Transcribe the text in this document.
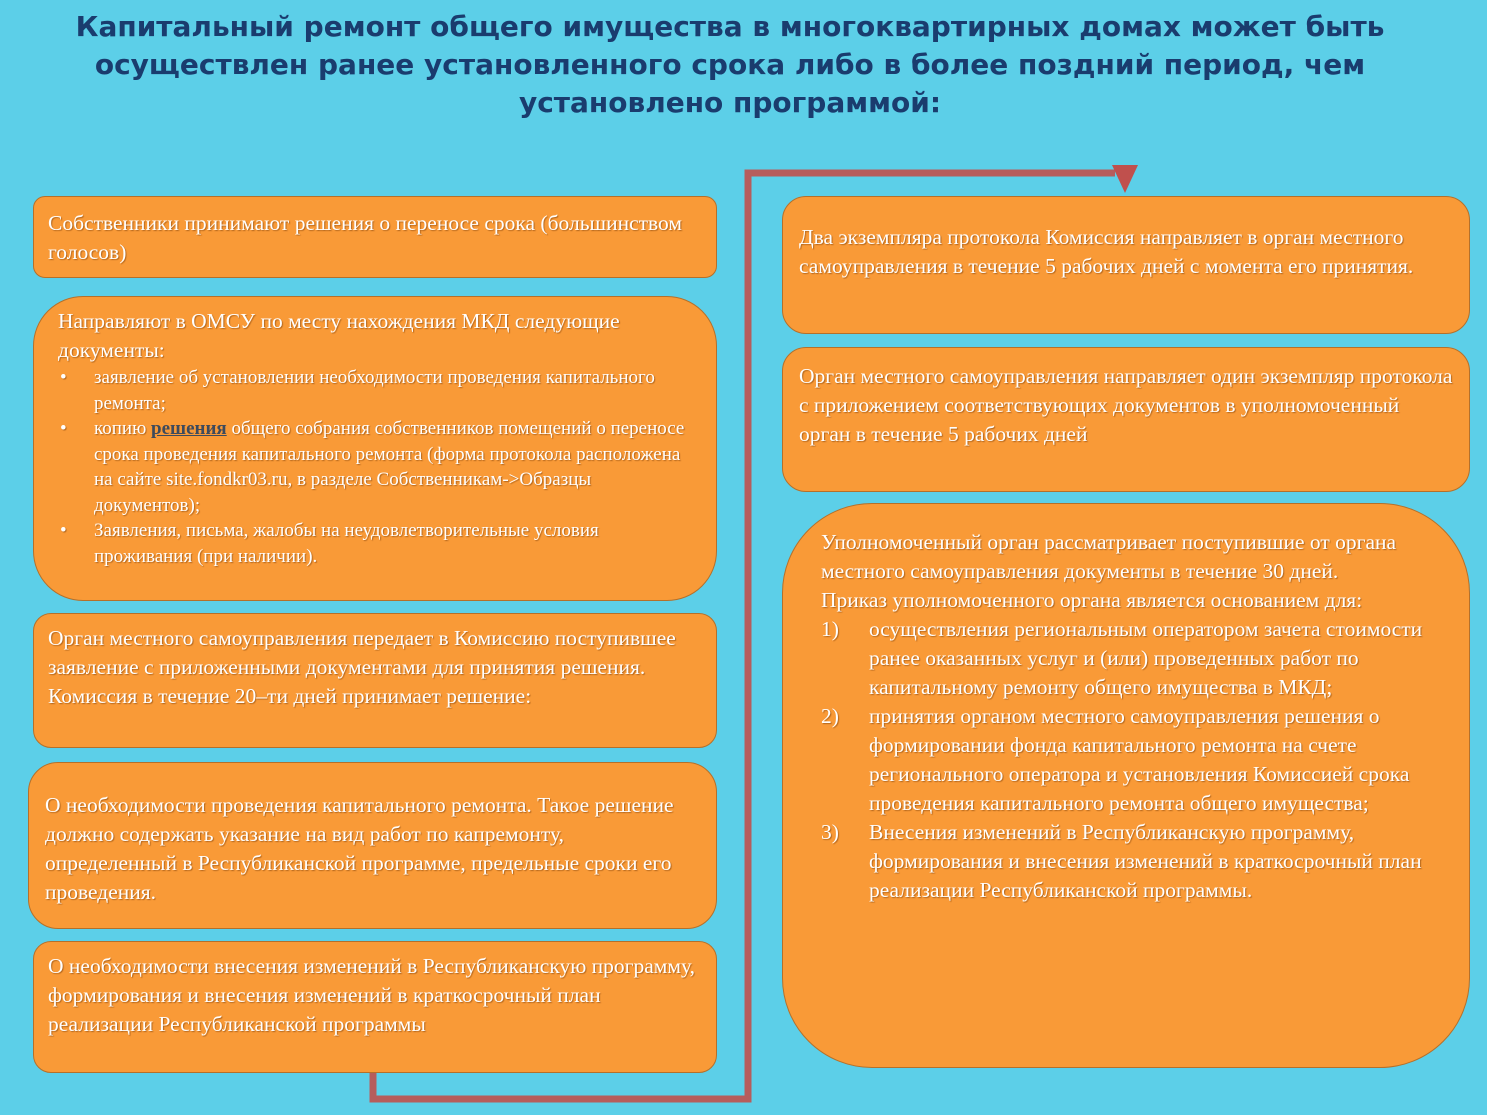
Капитальный ремонт общего имущества в многоквартирных домах может быть осуществлен ранее установленного срока либо в более поздний период, чем установлено программой:

Собственники принимают решения о переносе срока (большинством голосов)

Направляют в ОМСУ по месту нахождения МКД следующие документы:

• заявление об установлении необходимости проведения капитального ремонта;
• копию решения общего собрания собственников помещений о переносе срока проведения капитального ремонта (форма протокола расположена на сайте site.fondkr03.ru, в разделе Собственникам->Образцы документов);
• Заявления, письма, жалобы на неудовлетворительные условия проживания (при наличии).

Орган местного самоуправления передает в Комиссию поступившее заявление с приложенными документами для принятия решения. Комиссия в течение 20–ти дней принимает решение:

О необходимости проведения капитального ремонта. Такое решение должно содержать указание на вид работ по капремонту, определенный в Республиканской программе, предельные сроки его проведения.

О необходимости внесения изменений в Республиканскую программу, формирования и внесения изменений в краткосрочный план реализации Республиканской программы

Два экземпляра протокола Комиссия направляет в орган местного самоуправления в течение 5 рабочих дней с момента его принятия.

Орган местного самоуправления направляет один экземпляр протокола с приложением соответствующих документов в уполномоченный орган в течение 5 рабочих дней

Уполномоченный орган рассматривает поступившие от органа местного самоуправления документы в течение 30 дней.

Приказ уполномоченного органа является основанием для:

1)	осуществления региональным оператором зачета стоимости ранее оказанных услуг и (или) проведенных работ по капитальному ремонту общего имущества в МКД;
2)	принятия органом местного самоуправления решения о формировании фонда капитального ремонта на счете регионального оператора и установления Комиссией срока проведения капитального ремонта общего имущества;
3)	Внесения изменений в Республиканскую программу, формирования и внесения изменений в краткосрочный план реализации Республиканской программы.
